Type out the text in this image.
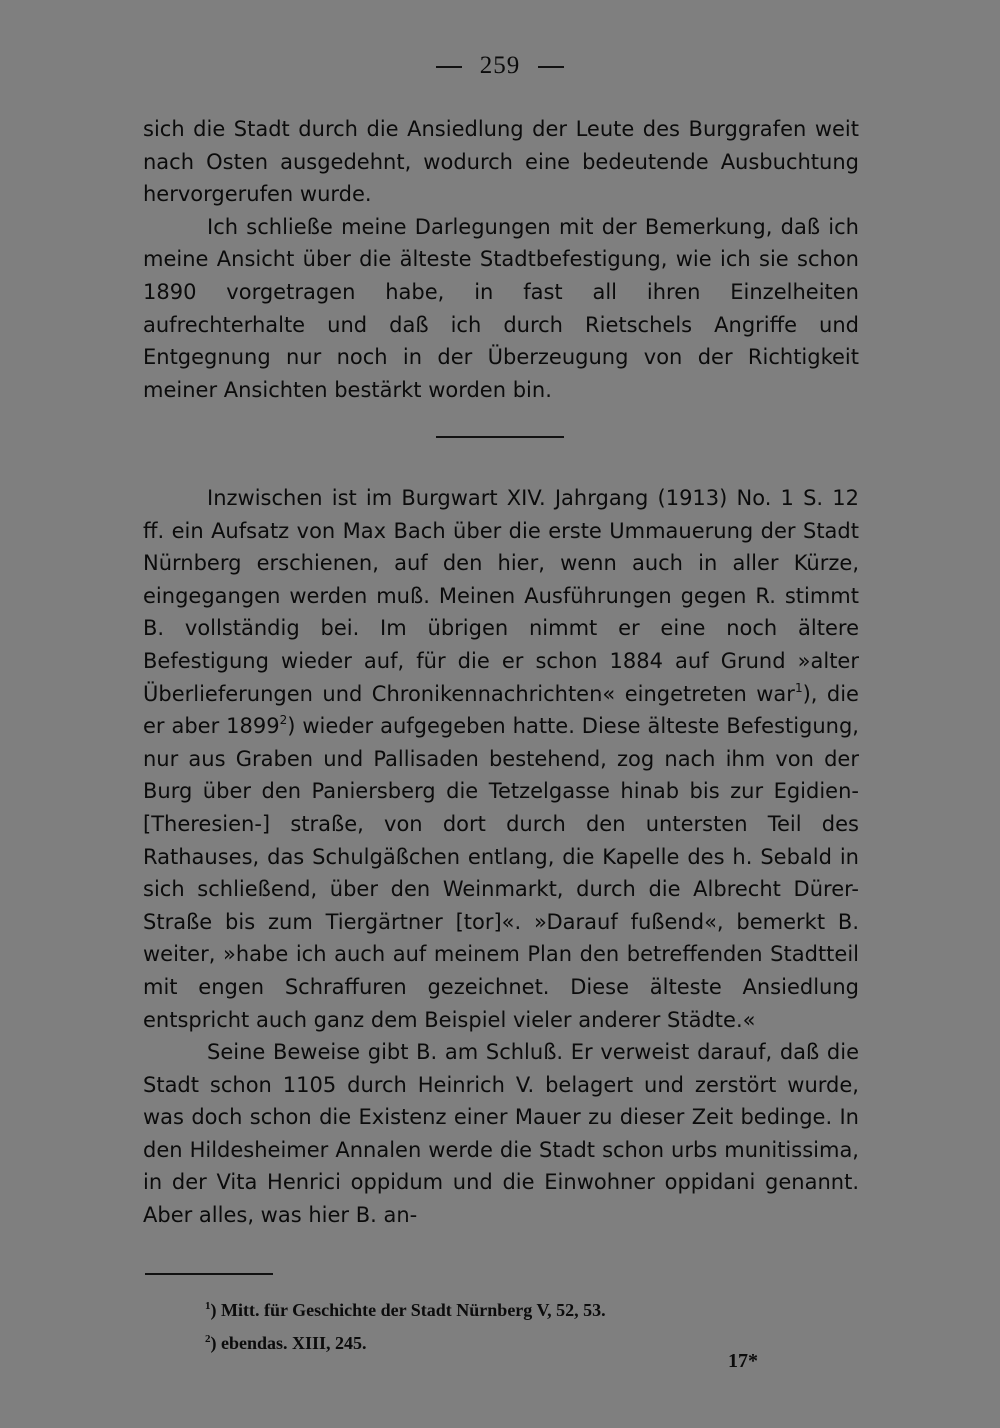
259

sich die Stadt durch die Ansiedlung der Leute des Burggrafen weit nach Osten ausgedehnt, wodurch eine bedeutende Ausbuchtung hervorgerufen wurde.

Ich schließe meine Darlegungen mit der Bemerkung, daß ich meine Ansicht über die älteste Stadtbefestigung, wie ich sie schon 1890 vorgetragen habe, in fast all ihren Einzelheiten aufrechterhalte und daß ich durch Rietschels Angriffe und Entgegnung nur noch in der Überzeugung von der Richtigkeit meiner Ansichten bestärkt worden bin.

Inzwischen ist im Burgwart XIV. Jahrgang (1913) No. 1 S. 12 ff. ein Aufsatz von Max Bach über die erste Ummauerung der Stadt Nürnberg erschienen, auf den hier, wenn auch in aller Kürze, eingegangen werden muß. Meinen Ausführungen gegen R. stimmt B. vollständig bei. Im übrigen nimmt er eine noch ältere Befestigung wieder auf, für die er schon 1884 auf Grund »alter Überlieferungen und Chronikennachrichten« eingetreten war$^1$), die er aber 1899$^2$) wieder aufgegeben hatte. Diese älteste Befestigung, nur aus Graben und Pallisaden bestehend, zog nach ihm von der Burg über den Paniersberg die Tetzelgasse hinab bis zur Egidien- [Theresien-] straße, von dort durch den untersten Teil des Rathauses, das Schulgäßchen entlang, die Kapelle des h. Sebald in sich schließend, über den Weinmarkt, durch die Albrecht Dürer-Straße bis zum Tiergärtner [tor]«. »Darauf fußend«, bemerkt B. weiter, »habe ich auch auf meinem Plan den betreffenden Stadtteil mit engen Schraffuren gezeichnet. Diese älteste Ansiedlung entspricht auch ganz dem Beispiel vieler anderer Städte.«

Seine Beweise gibt B. am Schluß. Er verweist darauf, daß die Stadt schon 1105 durch Heinrich V. belagert und zerstört wurde, was doch schon die Existenz einer Mauer zu dieser Zeit bedinge. In den Hildesheimer Annalen werde die Stadt schon urbs munitissima, in der Vita Henrici oppidum und die Einwohner oppidani genannt. Aber alles, was hier B. an-

$^1$) Mitt. für Geschichte der Stadt Nürnberg V, 52, 53.

$^2$) ebendas. XIII, 245.

17*
